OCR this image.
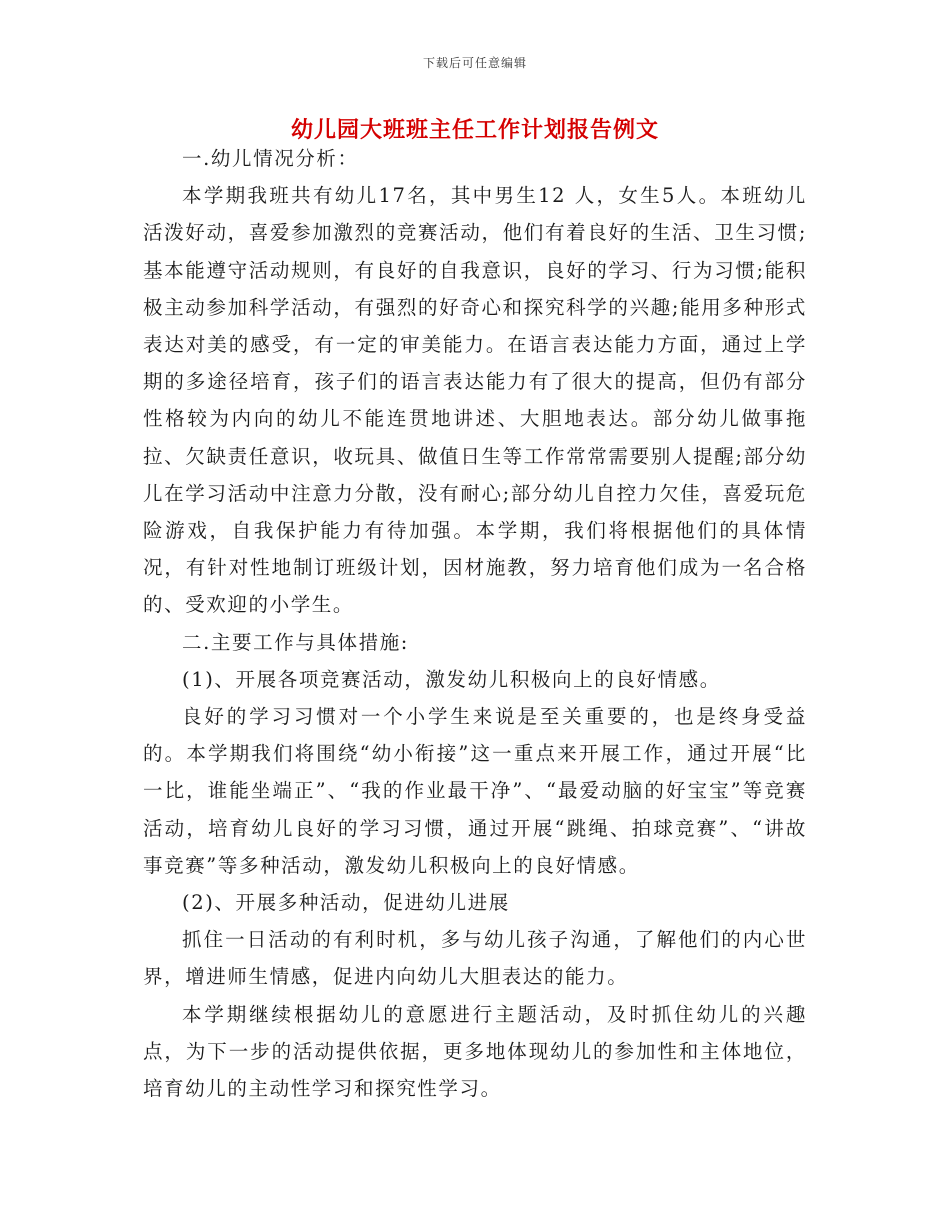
下载后可任意编辑
幼儿园大班班主任工作计划报告例文

一.幼儿情况分析：

本学期我班共有幼儿17名，其中男生12 人，女生5人。本班幼儿活泼好动，喜爱参加激烈的竞赛活动，他们有着良好的生活、卫生习惯;基本能遵守活动规则，有良好的自我意识，良好的学习、行为习惯;能积极主动参加科学活动，有强烈的好奇心和探究科学的兴趣;能用多种形式表达对美的感受，有一定的审美能力。在语言表达能力方面，通过上学期的多途径培育，孩子们的语言表达能力有了很大的提高，但仍有部分性格较为内向的幼儿不能连贯地讲述、大胆地表达。部分幼儿做事拖拉、欠缺责任意识，收玩具、做值日生等工作常常需要别人提醒;部分幼儿在学习活动中注意力分散，没有耐心;部分幼儿自控力欠佳，喜爱玩危险游戏，自我保护能力有待加强。本学期，我们将根据他们的具体情况，有针对性地制订班级计划，因材施教，努力培育他们成为一名合格的、受欢迎的小学生。

二.主要工作与具体措施:

(1)、开展各项竞赛活动，激发幼儿积极向上的良好情感。

良好的学习习惯对一个小学生来说是至关重要的，也是终身受益的。本学期我们将围绕“幼小衔接”这一重点来开展工作，通过开展“比一比，谁能坐端正”、“我的作业最干净”、“最爱动脑的好宝宝”等竞赛活动，培育幼儿良好的学习习惯，通过开展“跳绳、拍球竞赛”、“讲故事竞赛”等多种活动，激发幼儿积极向上的良好情感。

(2)、开展多种活动，促进幼儿进展

抓住一日活动的有利时机，多与幼儿孩子沟通，了解他们的内心世界，增进师生情感，促进内向幼儿大胆表达的能力。

本学期继续根据幼儿的意愿进行主题活动，及时抓住幼儿的兴趣点，为下一步的活动提供依据，更多地体现幼儿的参加性和主体地位，培育幼儿的主动性学习和探究性学习。
